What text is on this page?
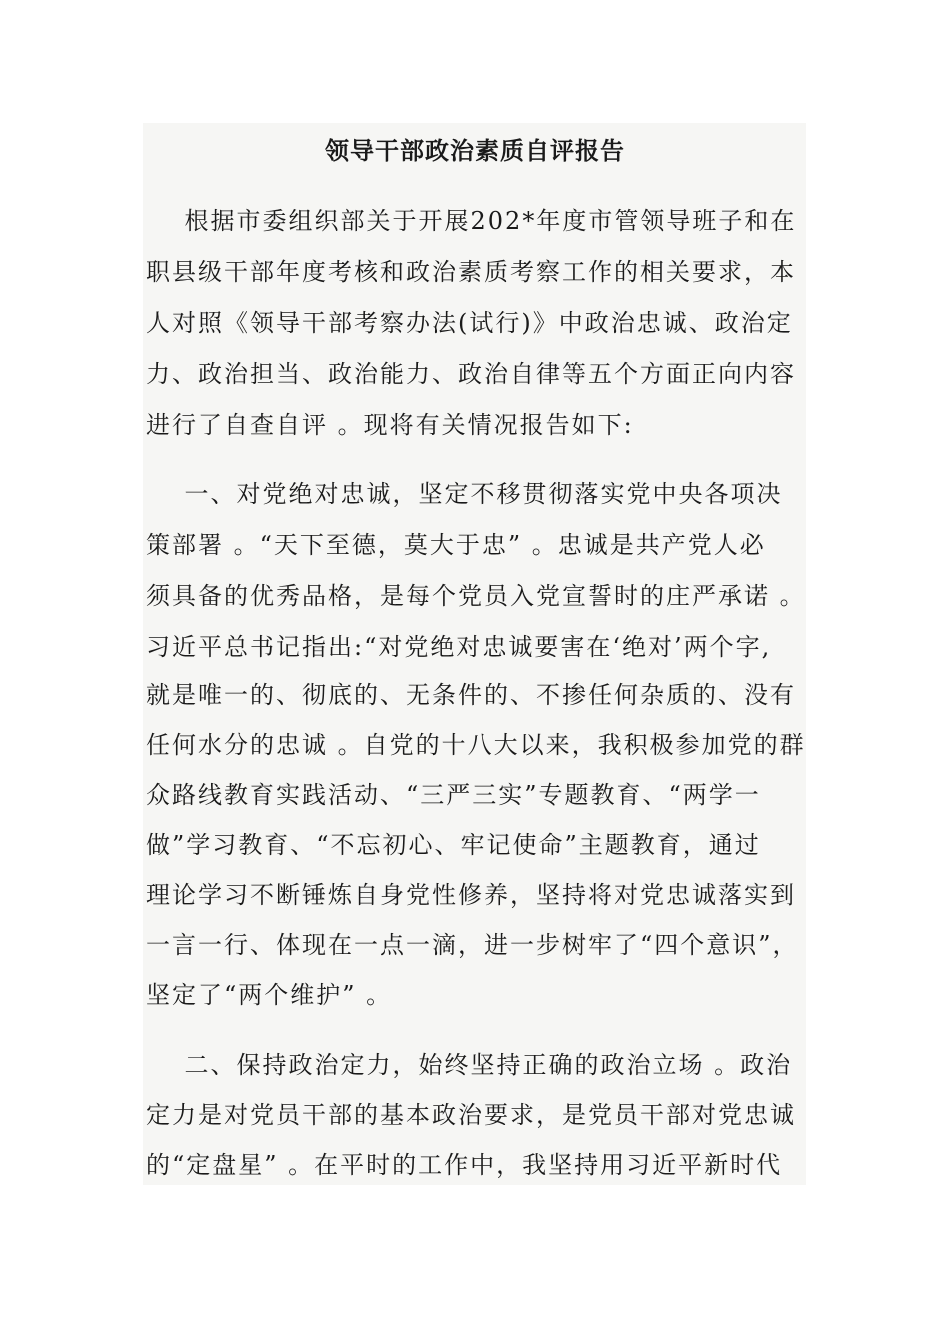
领导干部政治素质自评报告

根据市委组织部关于开展202*年度市管领导班子和在

职县级干部年度考核和政治素质考察工作的相关要求，本

人对照《领导干部考察办法(试行)》中政治忠诚、政治定

力、政治担当、政治能力、政治自律等五个方面正向内容

进行了自查自评 。现将有关情况报告如下:

一、对党绝对忠诚，坚定不移贯彻落实党中央各项决

策部署 。“天下至德，莫大于忠” 。忠诚是共产党人必

须具备的优秀品格，是每个党员入党宣誓时的庄严承诺 。

习近平总书记指出:“对党绝对忠诚要害在‘绝对’两个字,

就是唯一的、彻底的、无条件的、不掺任何杂质的、没有

任何水分的忠诚 。自党的十八大以来，我积极参加党的群

众路线教育实践活动、“三严三实”专题教育、“两学一

做”学习教育、“不忘初心、牢记使命”主题教育，通过

理论学习不断锤炼自身党性修养，坚持将对党忠诚落实到

一言一行、体现在一点一滴，进一步树牢了“四个意识”，

坚定了“两个维护” 。

二、保持政治定力，始终坚持正确的政治立场 。政治

定力是对党员干部的基本政治要求，是党员干部对党忠诚

的“定盘星” 。在平时的工作中，我坚持用习近平新时代
